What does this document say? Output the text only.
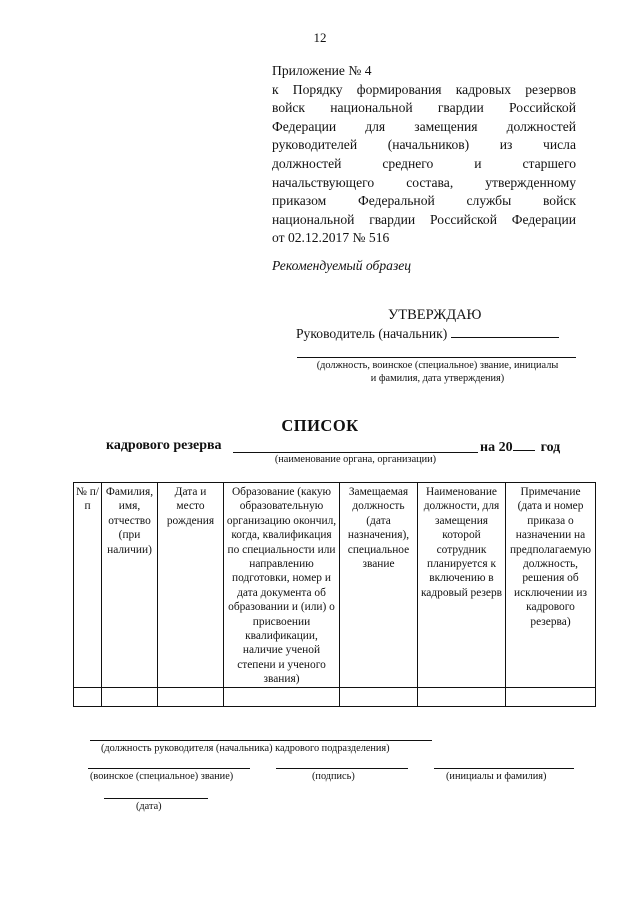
12
Приложение № 4
к Порядку формирования кадровых резервов
войск национальной гвардии Российской
Федерации для замещения должностей
руководителей (начальников) из числа
должностей среднего и старшего
начальствующего состава, утвержденному
приказом Федеральной службы войск
национальной гвардии Российской Федерации
от 02.12.2017 № 516
Рекомендуемый образец
УТВЕРЖДАЮ
Руководитель (начальник)
(должность, воинское (специальное) звание, инициалы
и фамилия, дата утверждения)
СПИСОК
кадрового резерва	на 20 год
(наименование органа, организации)
№ п/п	Фамилия, имя, отчество (при наличии)	Дата и место рождения	Образование (какую образовательную организацию окончил, когда, квалификация по специальности или направлению подготовки, номер и дата документа об образовании и (или) о присвоении квалификации, наличие ученой степени и ученого звания)	Замещаемая должность (дата назначения), специальное звание	Наименование должности, для замещения которой сотрудник планируется к включению в кадровый резерв	Примечание (дата и номер приказа о назначении на предполагаемую должность, решения об исключении из кадрового резерва)

(должность руководителя (начальника) кадрового подразделения)
(воинское (специальное) звание)	(подпись)	(инициалы и фамилия)
(дата)
